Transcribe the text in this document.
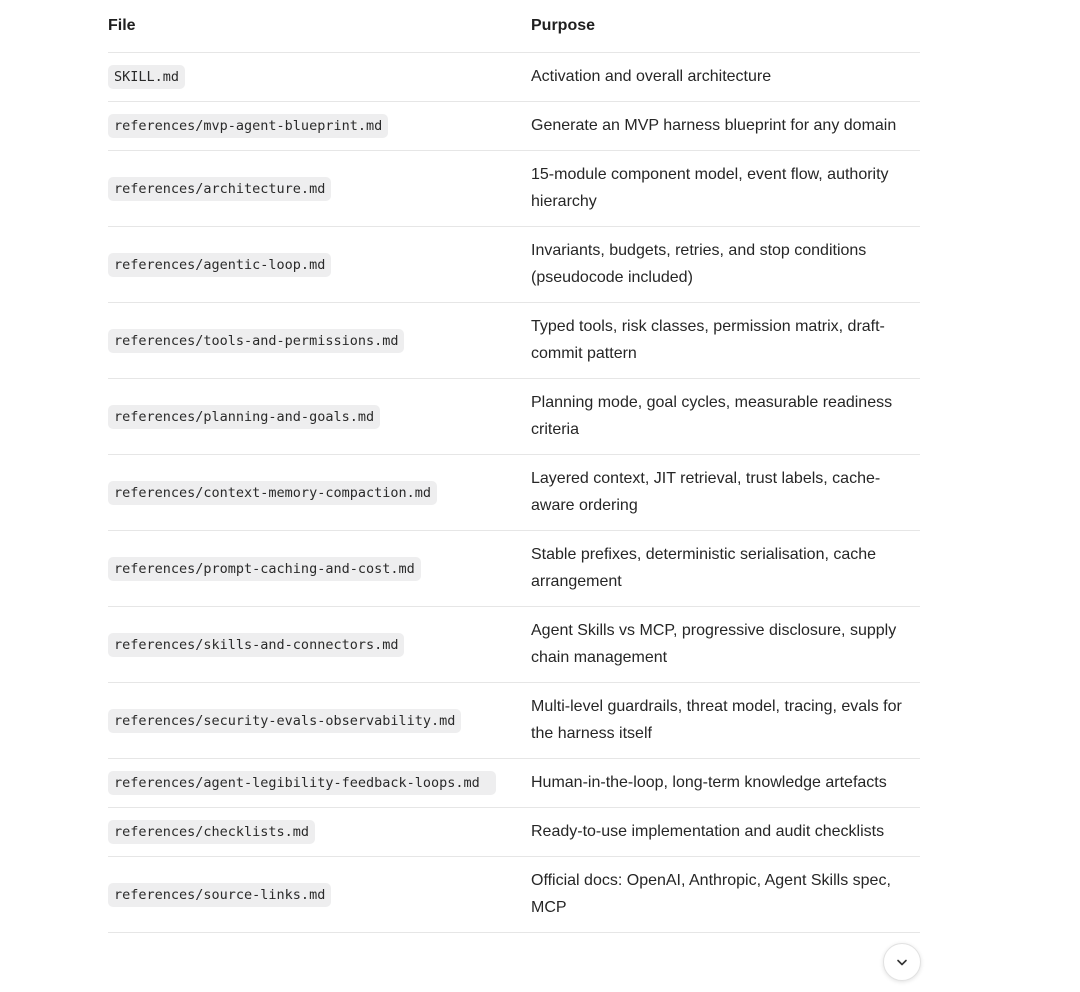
File	Purpose
SKILL.md	Activation and overall architecture
references/mvp-agent-blueprint.md	Generate an MVP harness blueprint for any domain
references/architecture.md	15-module component model, event flow, authority hierarchy
references/agentic-loop.md	Invariants, budgets, retries, and stop conditions (pseudocode included)
references/tools-and-permissions.md	Typed tools, risk classes, permission matrix, draft-commit pattern
references/planning-and-goals.md	Planning mode, goal cycles, measurable readiness criteria
references/context-memory-compaction.md	Layered context, JIT retrieval, trust labels, cache-aware ordering
references/prompt-caching-and-cost.md	Stable prefixes, deterministic serialisation, cache arrangement
references/skills-and-connectors.md	Agent Skills vs MCP, progressive disclosure, supply chain management
references/security-evals-observability.md	Multi-level guardrails, threat model, tracing, evals for the harness itself

references/agent-legibility-feedback-loops.md	Human-in-the-loop, long-term knowledge artefacts
references/checklists.md	Ready-to-use implementation and audit checklists
references/source-links.md	Official docs: OpenAI, Anthropic, Agent Skills spec, MCP
